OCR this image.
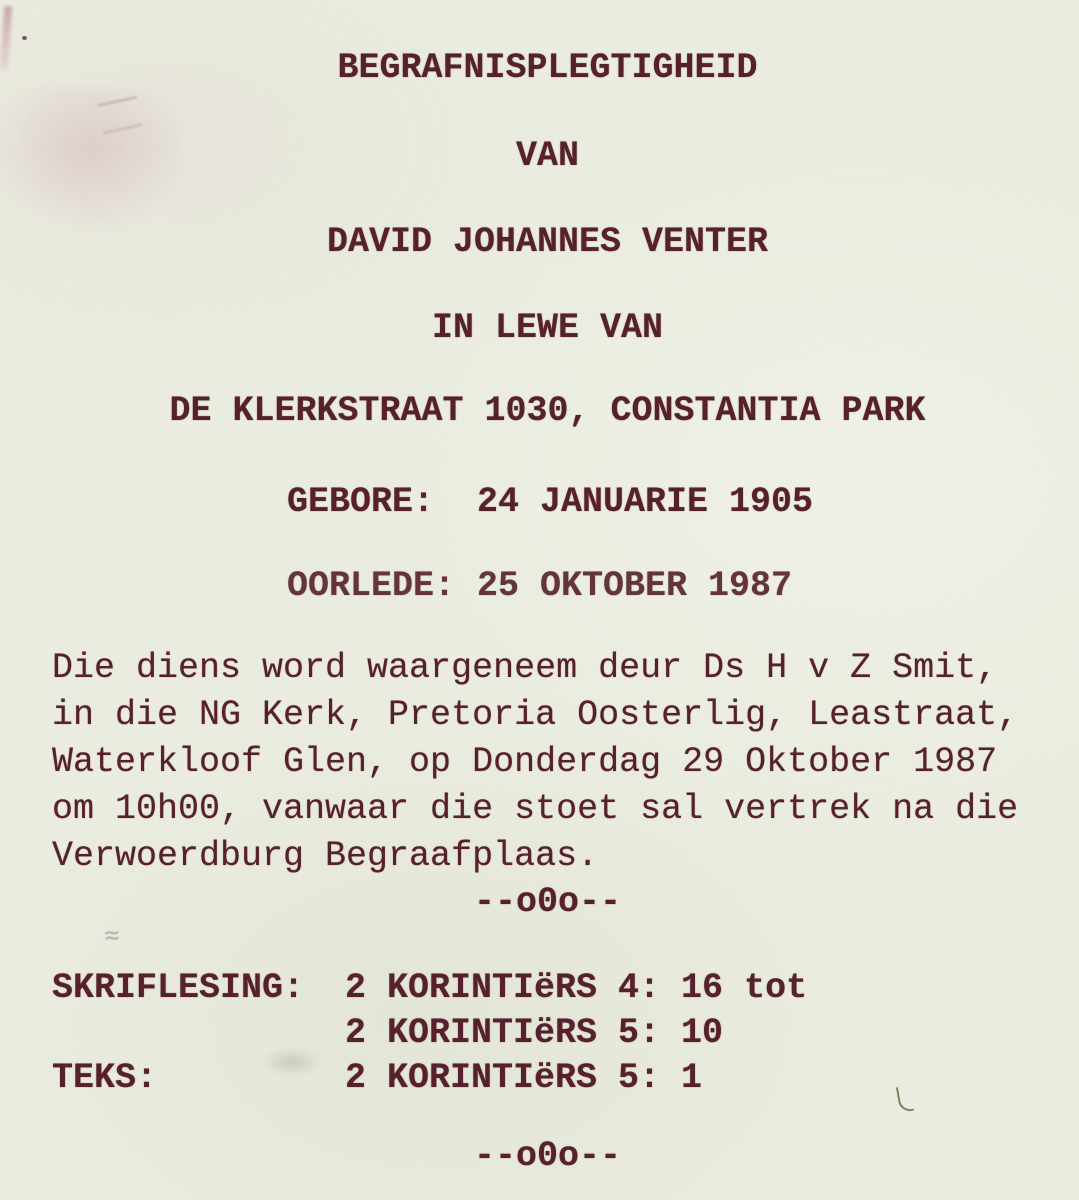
BEGRAFNISPLEGTIGHEID
VAN
DAVID JOHANNES VENTER
IN LEWE VAN
DE KLERKSTRAAT 1030, CONSTANTIA PARK
GEBORE:	24 JANUARIE 1905
OORLEDE: 25 OKTOBER 1987
Die diens word waargeneem deur Ds H v Z Smit,
in die NG Kerk, Pretoria Oosterlig, Leastraat,
Waterkloof Glen, op Donderdag 29 Oktober 1987
om 10h00, vanwaar die stoet sal vertrek na die
Verwoerdburg Begraafplaas.
--o0o--
SKRIFLESING:	2 KORINTIëRS 4: 16 tot
2 KORINTIëRS 5: 10
TEKS:	2 KORINTIëRS 5: 1
--o0o--
≈
